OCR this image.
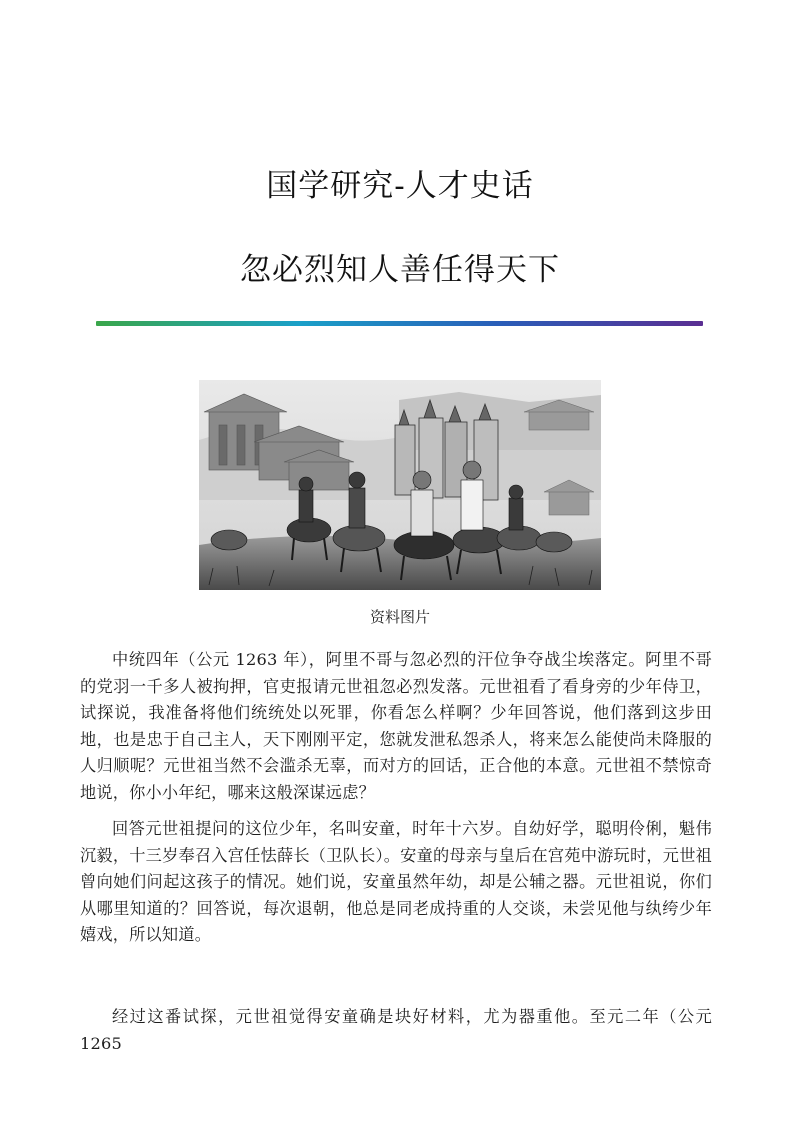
国学研究-人才史话
忽必烈知人善任得天下
资料图片
中统四年（公元 1263 年），阿里不哥与忽必烈的汗位争夺战尘埃落定。阿里不哥的党羽一千多人被拘押，官吏报请元世祖忽必烈发落。元世祖看了看身旁的少年侍卫，试探说，我准备将他们统统处以死罪，你看怎么样啊？少年回答说，他们落到这步田地，也是忠于自己主人，天下刚刚平定，您就发泄私怨杀人，将来怎么能使尚未降服的人归顺呢？元世祖当然不会滥杀无辜，而对方的回话，正合他的本意。元世祖不禁惊奇地说，你小小年纪，哪来这般深谋远虑？
回答元世祖提问的这位少年，名叫安童，时年十六岁。自幼好学，聪明伶俐，魁伟沉毅，十三岁奉召入宫任怯薛长（卫队长）。安童的母亲与皇后在宫苑中游玩时，元世祖曾向她们问起这孩子的情况。她们说，安童虽然年幼，却是公辅之器。元世祖说，你们从哪里知道的？回答说，每次退朝，他总是同老成持重的人交谈，未尝见他与纨绔少年嬉戏，所以知道。
经过这番试探，元世祖觉得安童确是块好材料，尤为器重他。至元二年（公元 1265
